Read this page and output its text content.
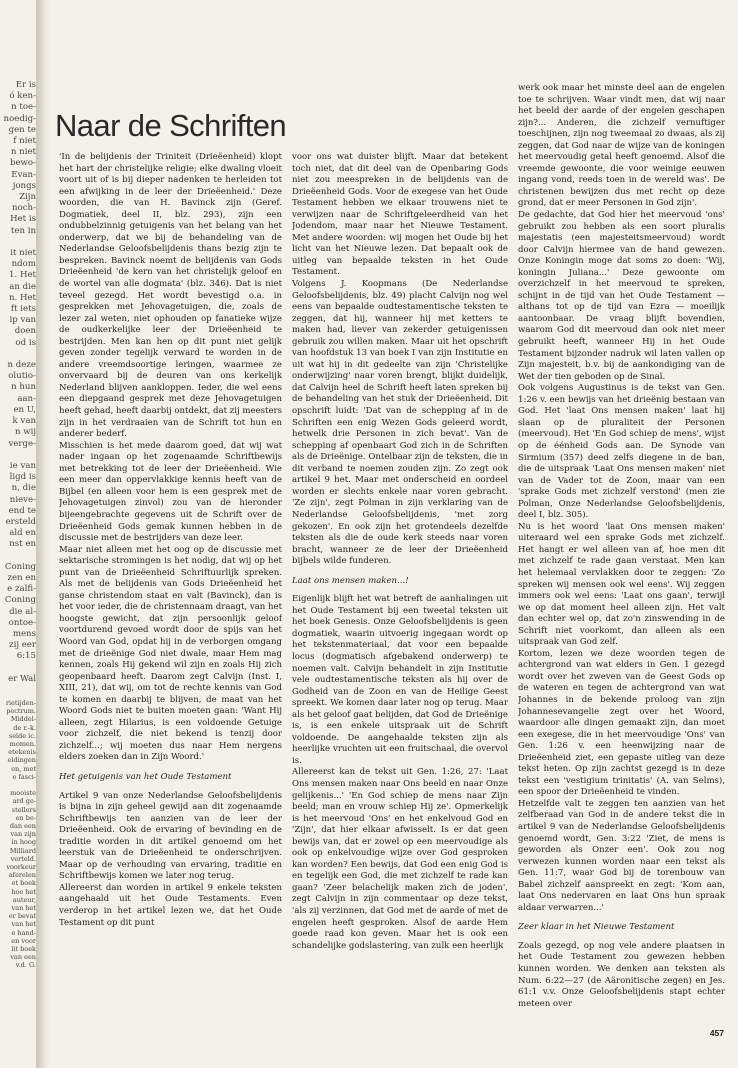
Er is
ó ken-
n toe-
noedig-
gen te
f niet
n niet
bewo-
Evan-
jongs
Zijn
noch-
Het is
ten in

it niet
ndom
1. Het
an die
n. Het
ft iets
ip van
doen
od is

n deze
olutio-
n hun
aan-
en U,
k van
n wij
verge-

ie van
ligd is
n, die
nieve-
end te
ersteld
ald en
nst en

Coning
zen en
e zalfi-
Coning
die al-
ontoe-
mens
zij eer
6:15

er Wal
rietijden-
pectrum.
Middel-
de r.-k.
selde ic.
momen.
etekenis
eldingen
en, met
e fasci-

mooiste
ard ge-
stellers
en be-
dan een
van zijn
in hoog
Milliard
verteld.
voorkeur
aferelen
et boek
hoe het
auteur,
van het
er bevat
van het
e hand-
en voor
lit boek
van een
v.d. G.
Naar de Schriften

'In de belijdenis der Triniteit (Drieëenheid) klopt het hart der christelijke religie; elke dwaling vloeit voort uit of is bij dieper nadenken te herleiden tot een afwijking in de leer der Drieëenheid.' Deze woorden, die van H. Bavinck zijn (Geref. Dogmatiek, deel II, blz. 293), zijn een ondubbelzinnig getuigenis van het belang van het onderwerp, dat we bij de behandeling van de Nederlandse Geloofsbelijdenis thans bezig zijn te bespreken. Bavinck noemt de belijdenis van Gods Drieëenheid 'de kern van het christelijk geloof en de wortel van alle dogmata' (blz. 346). Dat is niet teveel gezegd. Het wordt bevestigd o.a. in gesprekken met Jehovagetuigen, die, zoals de lezer zal weten, niet ophouden op fanatieke wijze de oudkerkelijke leer der Drieëenheid te bestrijden. Men kan hen op dit punt niet gelijk geven zonder tegelijk verward te worden in de andere vreemdsoortige leringen, waarmee ze onvervaard bij de deuren van ons kerkelijk Nederland blijven aankloppen. Ieder, die wel eens een diepgaand gesprek met deze Jehovagetuigen heeft gehad, heeft daarbij ontdekt, dat zij meesters zijn in het verdraaien van de Schrift tot hun en anderer bederf.

Misschien is het mede daarom goed, dat wij wat nader ingaan op het zogenaamde Schriftbewijs met betrekking tot de leer der Drieëenheid. Wie een meer dan oppervlakkige kennis heeft van de Bijbel (en alleen voor hem is een gesprek met de Jehovagetuigen zinvol) zou van de hieronder bijeengebrachte gegevens uit de Schrift over de Drieëenheid Gods gemak kunnen hebben in de discussie met de bestrijders van deze leer.

Maar niet alleen met het oog op de discussie met sektarische stromingen is het nodig, dat wij op het punt van de Drieëenheid Schriftuurlijk spreken. Als met de belijdenis van Gods Drieëenheid het ganse christendom staat en valt (Bavinck), dan is het voor ieder, die de christennaam draagt, van het hoogste gewicht, dat zijn persoonlijk geloof voortdurend gevoed wordt door de spijs van het Woord van God, opdat hij in de verborgen omgang met de drieënige God niet dwale, maar Hem mag kennen, zoals Hij gekend wil zijn en zoals Hij zich geopenbaard heeft. Daarom zegt Calvijn (Inst. I, XIII, 21), dat wij, om tot de rechte kennis van God te komen en daarbij te blijven, de maat van het Woord Gods niet te buiten moeten gaan: 'Want Hij alleen, zegt Hilarius, is een voldoende Getuige voor zichzelf, die niet bekend is tenzij door zichzelf...; wij moeten dus naar Hem nergens elders zoeken dan in Zijn Woord.'

Het getuigenis van het Oude Testament

Artikel 9 van onze Nederlandse Geloofsbelijdenis is bijna in zijn geheel gewijd aan dit zogenaamde Schriftbewijs ten aanzien van de leer der Drieëenheid. Ook de ervaring of bevinding en de traditie worden in dit artikel genoemd om het leerstuk van de Drieëenheid te onderschrijven. Maar op de verhouding van ervaring, traditie en Schriftbewijs komen we later nog terug.

Allereerst dan worden in artikel 9 enkele teksten aangehaald uit het Oude Testaments. Even verderop in het artikel lezen we, dat het Oude Testament op dit punt

voor ons wat duister blijft. Maar dat betekent toch niet, dat dit deel van de Openbaring Gods niet zou meespreken in de belijdenis van de Drieëenheid Gods. Voor de exegese van het Oude Testament hebben we elkaar trouwens niet te verwijzen naar de Schriftgeleerdheid van het Jodendom, maar naar het Nieuwe Testament. Met andere woorden: wij mogen het Oude bij het licht van het Nieuwe lezen. Dat bepaalt ook de uitleg van bepaalde teksten in het Oude Testament.

Volgens J. Koopmans (De Nederlandse Geloofsbelijdenis, blz. 49) placht Calvijn nog wel eens van bepaalde oudtestamentische teksten te zeggen, dat hij, wanneer hij met ketters te maken had, liever van zekerder getuigenissen gebruik zou willen maken. Maar uit het opschrift van hoofdstuk 13 van boek I van zijn Institutie en uit wat hij in dit gedeelte van zijn 'Christelijke onderwijzing' naar voren brengt, blijkt duidelijk, dat Calvijn heel de Schrift heeft laten spreken bij de behandeling van het stuk der Drieëenheid. Dit opschrift luidt: 'Dat van de schepping af in de Schriften een enig Wezen Gods geleerd wordt, hetwelk drie Personen in zich bevat'. Van de schepping af openbaart God zich in de Schriften als de Drieënige. Ontelbaar zijn de teksten, die in dit verband te noemen zouden zijn. Zo zegt ook artikel 9 het. Maar met onderscheid en oordeel worden er slechts enkele naar voren gebracht. 'Ze zijn', zegt Polman in zijn verklaring van de Nederlandse Geloofsbelijdenis, 'met zorg gekozen'. En ook zijn het grotendeels dezelfde teksten als die de oude kerk steeds naar voren bracht, wanneer ze de leer der Drieëenheid bijbels wilde funderen.

Laat ons mensen maken...!

Eigenlijk blijft het wat betreft de aanhalingen uit het Oude Testament bij een tweetal teksten uit het boek Genesis. Onze Geloofsbelijdenis is geen dogmatiek, waarin uitvoerig ingegaan wordt op het tekstenmateriaal, dat voor een bepaalde locus (dogmatisch afgebakend onderwerp) te noemen valt. Calvijn behandelt in zijn Institutie vele oudtestamentische teksten als hij over de Godheid van de Zoon en van de Heilige Geest spreekt. We komen daar later nog op terug. Maar als het geloof gaat belijden, dat God de Drieënige is, is een enkele uitspraak uit de Schrift voldoende. De aangehaalde teksten zijn als heerlijke vruchten uit een fruitschaal, die overvol is.

Allereerst kan de tekst uit Gen. 1:26, 27: 'Laat Ons mensen maken naar Ons beeld en naar Onze gelijkenis...' 'En God schiep de mens naar Zijn beeld; man en vrouw schiep Hij ze'. Opmerkelijk is het meervoud 'Ons' en het enkelvoud God en 'Zijn', dat hier elkaar afwisselt. Is er dat geen bewijs van, dat er zowel op een meervoudige als ook op enkelvoudige wijze over God gesproken kan worden? Een bewijs, dat God een enig God is en tegelijk een God, die met zichzelf te rade kan gaan? 'Zeer belachelijk maken zich de joden', zegt Calvijn in zijn commentaar op deze tekst, 'als zij verzinnen, dat God met de aarde of met de engelen heeft gesproken. Alsof de aarde Hem goede raad kon geven. Maar het is ook een schandelijke godslastering, van zulk een heerlijk

werk ook maar het minste deel aan de engelen toe te schrijven. Waar vindt men, dat wij naar het beeld der aarde of der engelen geschapen zijn?... Anderen, die zichzelf vernuftiger toeschijnen, zijn nog tweemaal zo dwaas, als zij zeggen, dat God naar de wijze van de koningen het meervoudig getal heeft genoemd. Alsof die vreemde gewoonte, die voor weinige eeuwen ingang vond, reeds toen in de wereld was'. De christenen bewijzen dus met recht op deze grond, dat er meer Personen in God zijn'.

De gedachte, dat God hier het meervoud 'ons' gebruikt zou hebben als een soort pluralis majestatis (een majesteitsmeervoud) wordt door Calvijn hiermee van de hand gewezen. Onze Koningin moge dat soms zo doen: 'Wij, koningin Juliana...' Deze gewoonte om overzichzelf in het meervoud te spreken, schijnt in de tijd van het Oude Testament — althans tot op de tijd van Ezra — moeilijk aantoonbaar. De vraag blijft bovendien, waarom God dit meervoud dan ook niet meer gebruikt heeft, wanneer Hij in het Oude Testament bijzonder nadruk wil laten vallen op Zijn majesteit, b.v. bij de aankondiging van de Wet der tien geboden op de Sinaï.

Ook volgens Augustinus is de tekst van Gen. 1:26 v. een bewijs van het drieënig bestaan van God. Het 'laat Ons mensen maken' laat hij slaan op de pluraliteit der Personen (meervoud). Het 'En God schiep de mens', wijst op de éénheid Gods aan. De Synode van Sirmium (357) deed zelfs diegene in de ban, die de uitspraak 'Laat Ons mensen maken' niet van de Vader tot de Zoon, maar van een 'sprake Gods met zichzelf verstond' (men zie Polman, Onze Nederlandse Geloofsbelijdenis, deel I, blz. 305).

Nu is het woord 'laat Ons mensen maken' uiteraard wel een sprake Gods met zichzelf. Het hangt er wel alleen van af, hoe men dit met zichzelf te rade gaan verstaat. Men kan het helemaal vervlakken door te zeggen: 'Zo spreken wij mensen ook wel eens'. Wij zeggen immers ook wel eens: 'Laat ons gaan', terwijl we op dat moment heel alleen zijn. Het valt dan echter wel op, dat zo'n zinswending in de Schrift niet voorkomt, dan alleen als een uitspraak van God zelf.

Kortom, lezen we deze woorden tegen de achtergrond van wat elders in Gen. 1 gezegd wordt over het zweven van de Geest Gods op de wateren en tegen de achtergrond van wat Johannes in de bekende proloog van zijn Johannesevangelie zegt over het Woord, waardoor alle dingen gemaakt zijn, dan moet een exegese, die in het meervoudige 'Ons' van Gen. 1:26 v. een heenwijzing naar de Drieëenheid ziet, een gepaste uitleg van deze tekst heten. Op zijn zachtst gezegd is in deze tekst een 'vestigium trinitatis' (A. van Selms), een spoor der Drieëenheid te vinden.

Hetzelfde valt te zeggen ten aanzien van het zelfberaad van God in de andere tekst die in artikel 9 van de Nederlandse Geloofsbelijdenis genoemd wordt, Gen. 3:22 'Ziet, de mens is geworden als Onzer een'. Ook zou nog verwezen kunnen worden naar een tekst als Gen. 11:7, waar God bij de torenbouw van Babel zichzelf aanspreekt en zegt: 'Kom aan, laat Ons nedervaren en laat Ons hun spraak aldaar verwarren...'

Zeer klaar in het Nieuwe Testament

Zoals gezegd, op nog vele andere plaatsen in het Oude Testament zou gewezen hebben kunnen worden. We denken aan teksten als Num. 6:22—27 (de Aäronitische zegen) en Jes. 61:1 v.v. Onze Geloofsbelijdenis stapt echter meteen over

457
